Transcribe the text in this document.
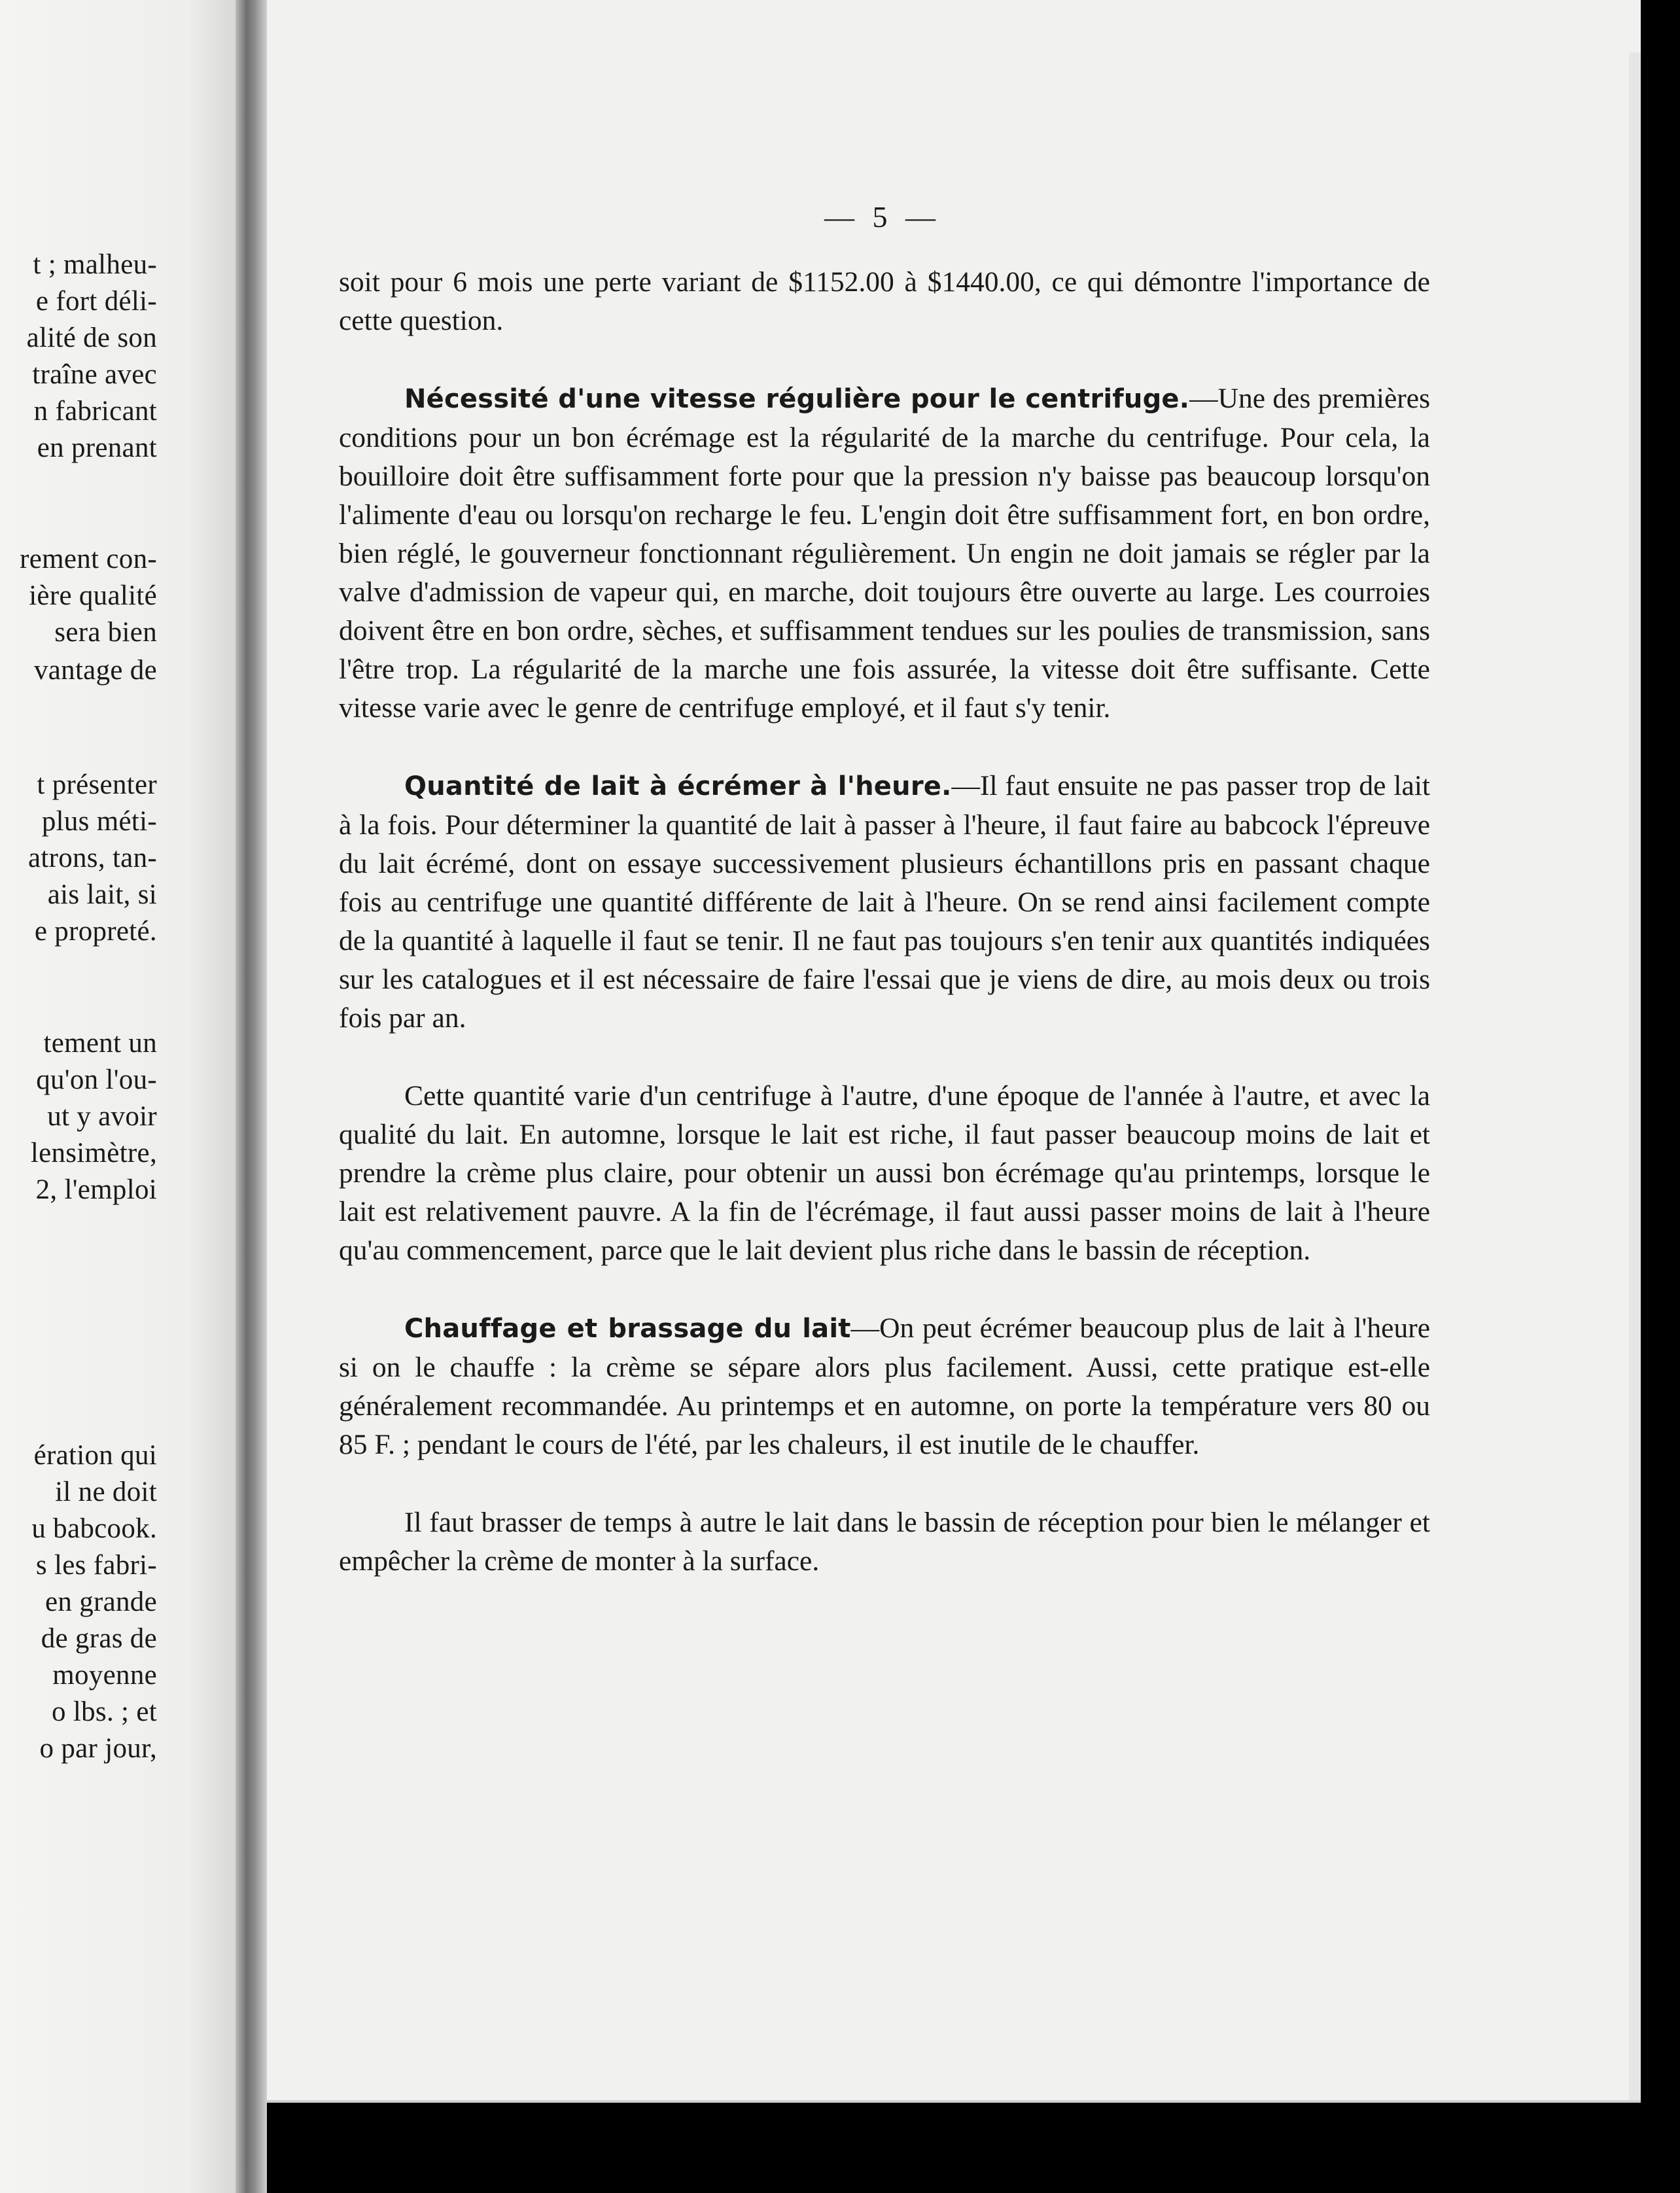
t ; malheu-
e fort déli-
alité de son
traîne avec
n fabricant
en prenant
rement con-
ière qualité
sera bien
vantage de
t présenter
plus méti-
atrons, tan-
ais lait, si
e propreté.
tement un
qu'on l'ou-
ut y avoir
lensimètre,
2, l'emploi
ération qui
il ne doit
u babcook.
s les fabri-
en grande
de gras de
moyenne
o lbs. ; et
o par jour,
— 5 —

soit pour 6 mois une perte variant de $1152.00 à $1440.00, ce qui démontre l'importance de cette question.

Nécessité d'une vitesse régulière pour le centrifuge.—Une des premières conditions pour un bon écrémage est la régularité de la marche du centrifuge. Pour cela, la bouilloire doit être suffisamment forte pour que la pression n'y baisse pas beaucoup lorsqu'on l'alimente d'eau ou lorsqu'on recharge le feu. L'engin doit être suffisamment fort, en bon ordre, bien réglé, le gouverneur fonctionnant régulièrement. Un engin ne doit jamais se régler par la valve d'admission de vapeur qui, en marche, doit toujours être ouverte au large. Les courroies doivent être en bon ordre, sèches, et suffisamment tendues sur les poulies de transmission, sans l'être trop. La régularité de la marche une fois assurée, la vitesse doit être suffisante. Cette vitesse varie avec le genre de centrifuge employé, et il faut s'y tenir.

Quantité de lait à écrémer à l'heure.—Il faut ensuite ne pas passer trop de lait à la fois. Pour déterminer la quantité de lait à passer à l'heure, il faut faire au babcock l'épreuve du lait écrémé, dont on essaye successivement plusieurs échantillons pris en passant chaque fois au centrifuge une quantité différente de lait à l'heure. On se rend ainsi facilement compte de la quantité à laquelle il faut se tenir. Il ne faut pas toujours s'en tenir aux quantités indiquées sur les catalogues et il est nécessaire de faire l'essai que je viens de dire, au mois deux ou trois fois par an.

Cette quantité varie d'un centrifuge à l'autre, d'une époque de l'année à l'autre, et avec la qualité du lait. En automne, lorsque le lait est riche, il faut passer beaucoup moins de lait et prendre la crème plus claire, pour obtenir un aussi bon écrémage qu'au printemps, lorsque le lait est relativement pauvre. A la fin de l'écrémage, il faut aussi passer moins de lait à l'heure qu'au commencement, parce que le lait devient plus riche dans le bassin de réception.

Chauffage et brassage du lait—On peut écrémer beaucoup plus de lait à l'heure si on le chauffe : la crème se sépare alors plus facilement. Aussi, cette pratique est-elle généralement recommandée. Au printemps et en automne, on porte la température vers 80 ou 85 F. ; pendant le cours de l'été, par les chaleurs, il est inutile de le chauffer.

Il faut brasser de temps à autre le lait dans le bassin de réception pour bien le mélanger et empêcher la crème de monter à la surface.
